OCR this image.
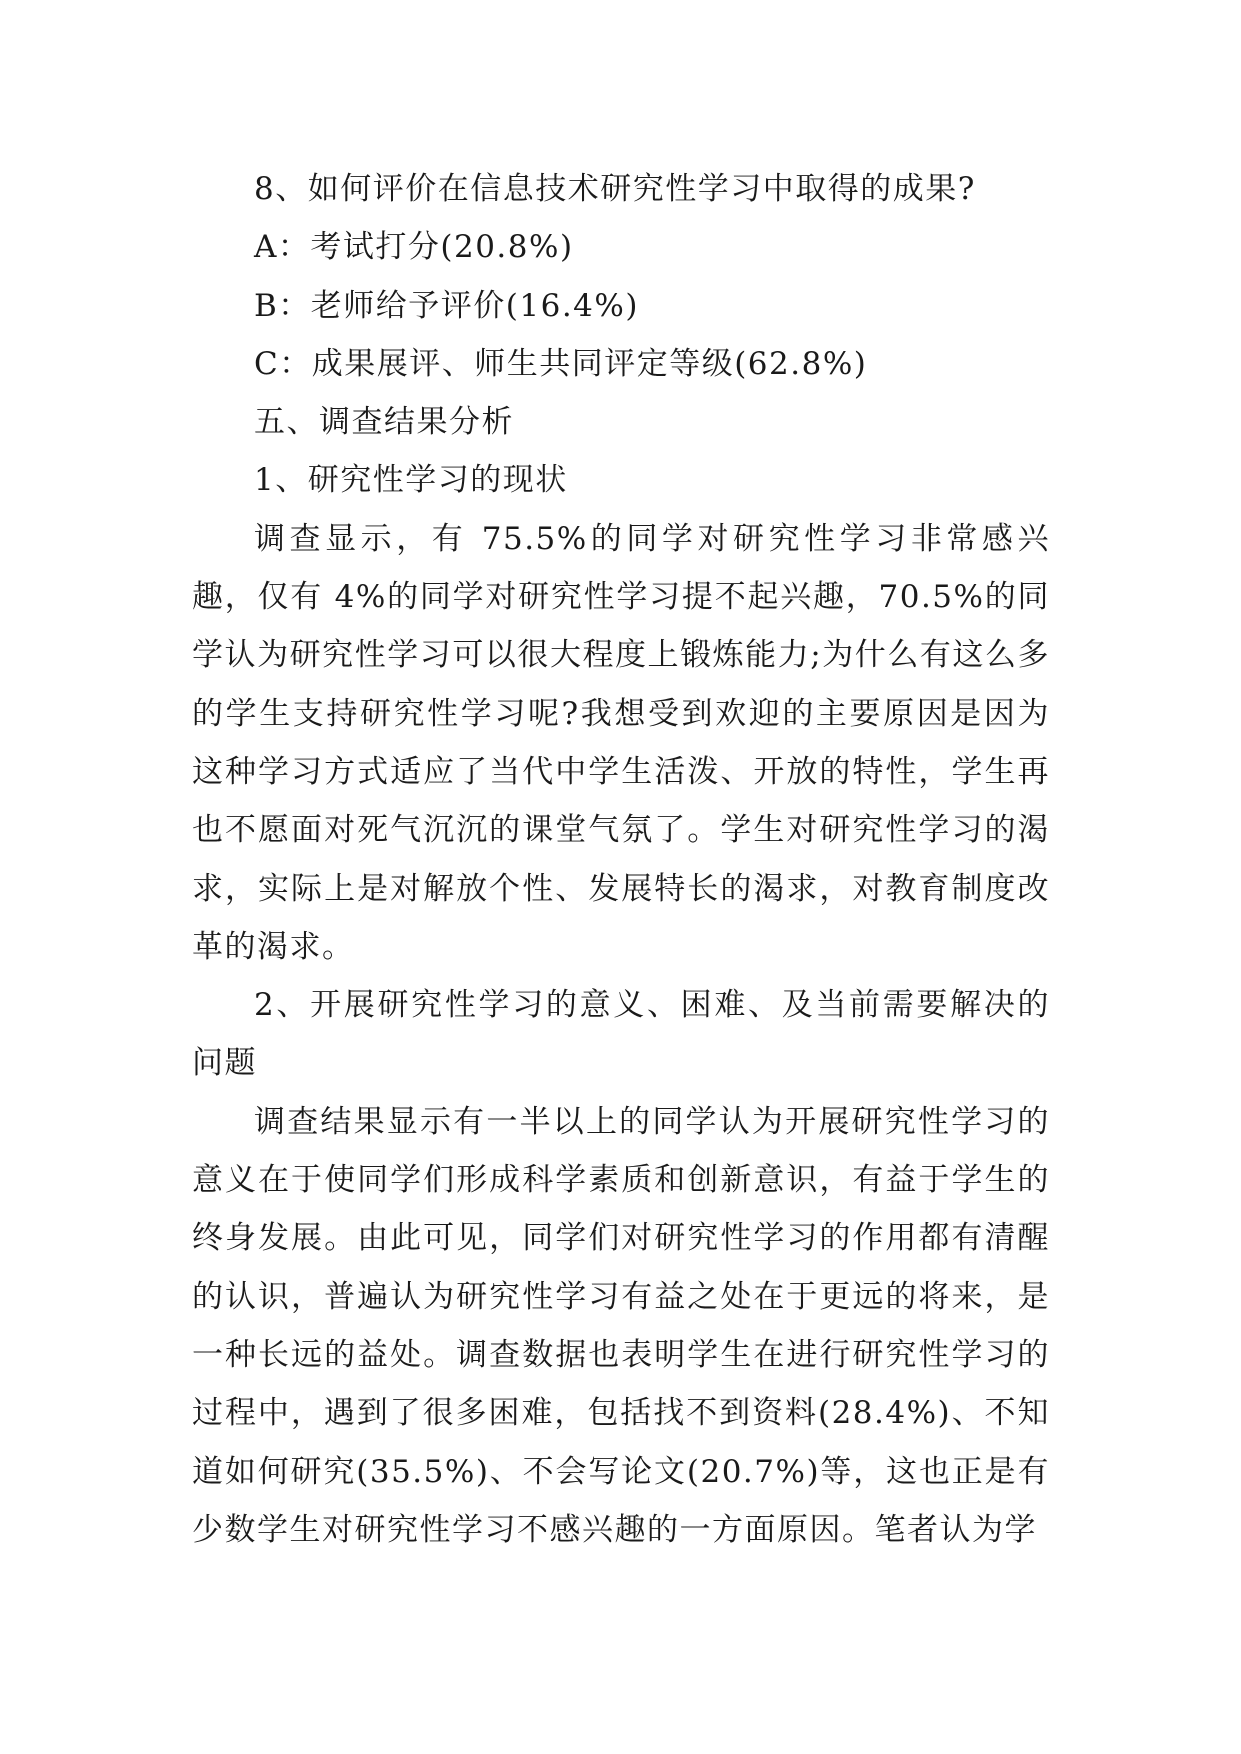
8、如何评价在信息技术研究性学习中取得的成果?

A：考试打分(20.8%)

B：老师给予评价(16.4%)

C：成果展评、师生共同评定等级(62.8%)

五、调查结果分析

1、研究性学习的现状

调查显示，有 75.5%的同学对研究性学习非常感兴趣，仅有 4%的同学对研究性学习提不起兴趣，70.5%的同学认为研究性学习可以很大程度上锻炼能力;为什么有这么多的学生支持研究性学习呢?我想受到欢迎的主要原因是因为这种学习方式适应了当代中学生活泼、开放的特性，学生再也不愿面对死气沉沉的课堂气氛了。学生对研究性学习的渴求，实际上是对解放个性、发展特长的渴求，对教育制度改革的渴求。

2、开展研究性学习的意义、困难、及当前需要解决的问题

调查结果显示有一半以上的同学认为开展研究性学习的意义在于使同学们形成科学素质和创新意识，有益于学生的终身发展。由此可见，同学们对研究性学习的作用都有清醒的认识，普遍认为研究性学习有益之处在于更远的将来，是一种长远的益处。调查数据也表明学生在进行研究性学习的过程中，遇到了很多困难，包括找不到资料(28.4%)、不知道如何研究(35.5%)、不会写论文(20.7%)等，这也正是有少数学生对研究性学习不感兴趣的一方面原因。笔者认为学
